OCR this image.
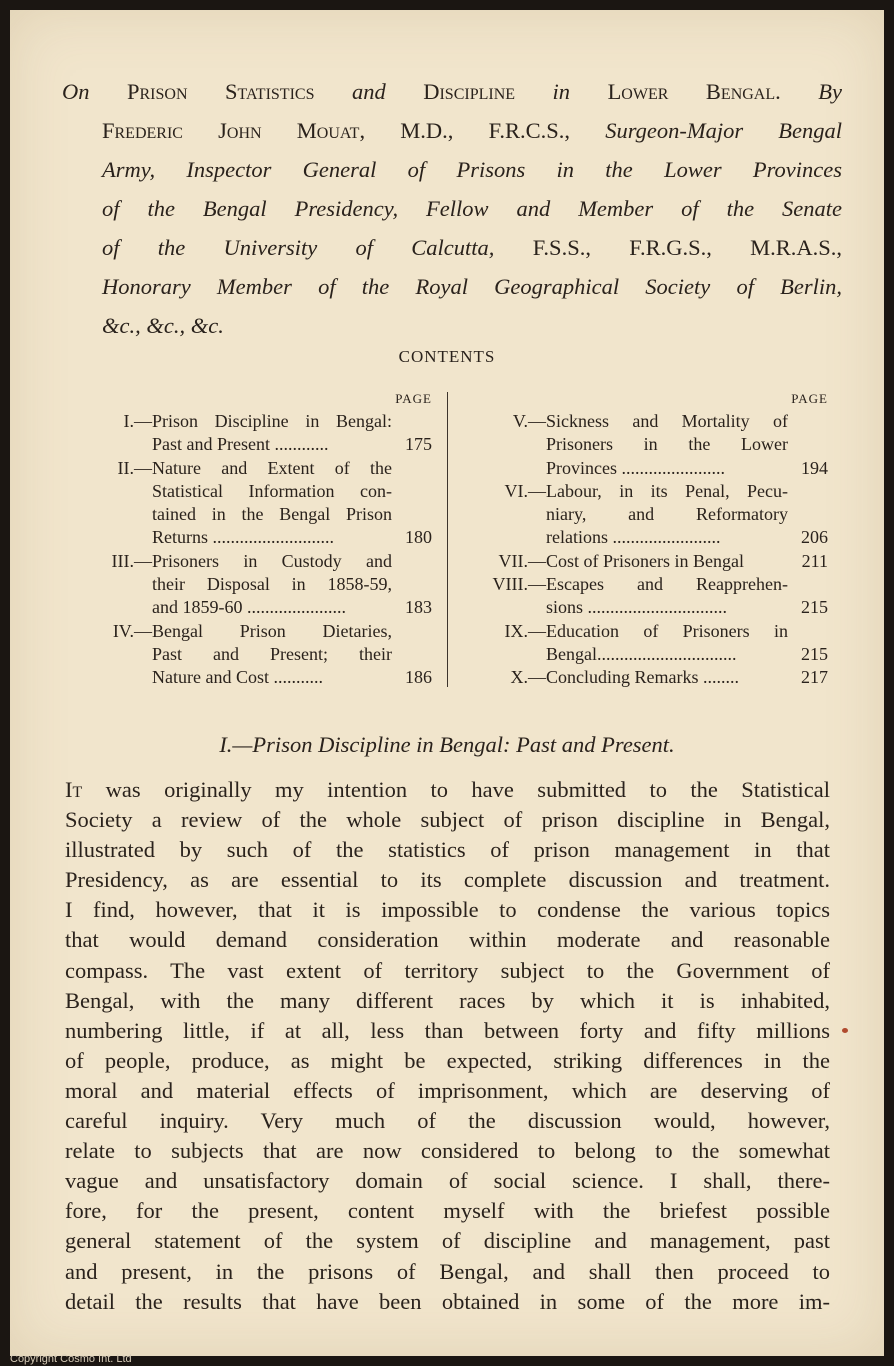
On Prison Statistics and Discipline in Lower Bengal. By
Frederic John Mouat, M.D., F.R.C.S., Surgeon-Major Bengal
Army, Inspector General of Prisons in the Lower Provinces
of the Bengal Presidency, Fellow and Member of the Senate
of the University of Calcutta, F.S.S., F.R.G.S., M.R.A.S.,
Honorary Member of the Royal Geographical Society of Berlin,
&c., &c., &c.
CONTENTS
PAGE
I.— Prison Discipline in Bengal:
Past and Present ............	175
II.— Nature and Extent of the
Statistical Information con-
tained in the Bengal Prison
Returns ...........................	180
III.— Prisoners in Custody and
their Disposal in 1858-59,
and 1859-60 ......................	183
IV.— Bengal Prison Dietaries,
Past and Present; their
Nature and Cost ...........	186
PAGE
V.— Sickness and Mortality of
Prisoners in the Lower
Provinces .......................	194
VI.— Labour, in its Penal, Pecu-
niary, and Reformatory
relations ........................	206
VII.— Cost of Prisoners in Bengal	211
VIII.— Escapes and Reapprehen-
sions ...............................	215
IX.— Education of Prisoners in
Bengal...............................	215
X.— Concluding Remarks ........	217
I.—Prison Discipline in Bengal: Past and Present.
It was originally my intention to have submitted to the Statistical
Society a review of the whole subject of prison discipline in Bengal,
illustrated by such of the statistics of prison management in that
Presidency, as are essential to its complete discussion and treatment.
I find, however, that it is impossible to condense the various topics
that would demand consideration within moderate and reasonable
compass. The vast extent of territory subject to the Government of
Bengal, with the many different races by which it is inhabited,
numbering little, if at all, less than between forty and fifty millions
of people, produce, as might be expected, striking differences in the
moral and material effects of imprisonment, which are deserving of
careful inquiry. Very much of the discussion would, however,
relate to subjects that are now considered to belong to the somewhat
vague and unsatisfactory domain of social science. I shall, there-
fore, for the present, content myself with the briefest possible
general statement of the system of discipline and management, past
and present, in the prisons of Bengal, and shall then proceed to
detail the results that have been obtained in some of the more im-
Copyright Cosmo Int. Ltd
